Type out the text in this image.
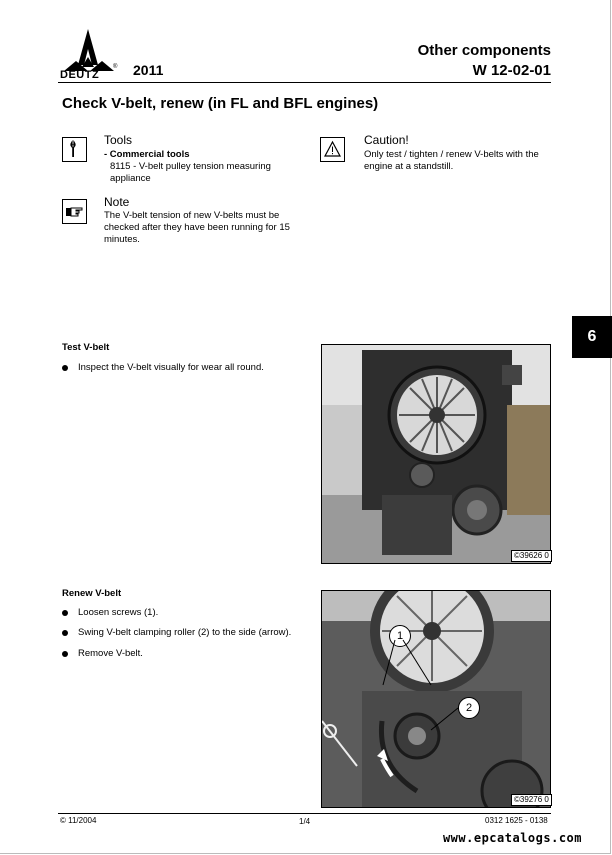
DEUTZ
® 2011
Other components
W 12-02-01
Check V-belt, renew (in FL and BFL engines)
Tools
- Commercial tools
8115 - V-belt pulley tension measuring appliance
Caution!
Only test / tighten / renew V-belts with the engine at a standstill.
Note
The V-belt tension of new V-belts must be checked after they have been running for 15 minutes.
6
Test V-belt
Inspect the V-belt visually for wear all round.
©39626 0
Renew V-belt
Loosen screws (1).
Swing V-belt clamping roller (2) to the side (arrow).
Remove V-belt.
1
2
©39276 0
© 11/2004	1/4	0312 1625 - 0138
www.epcatalogs.com
